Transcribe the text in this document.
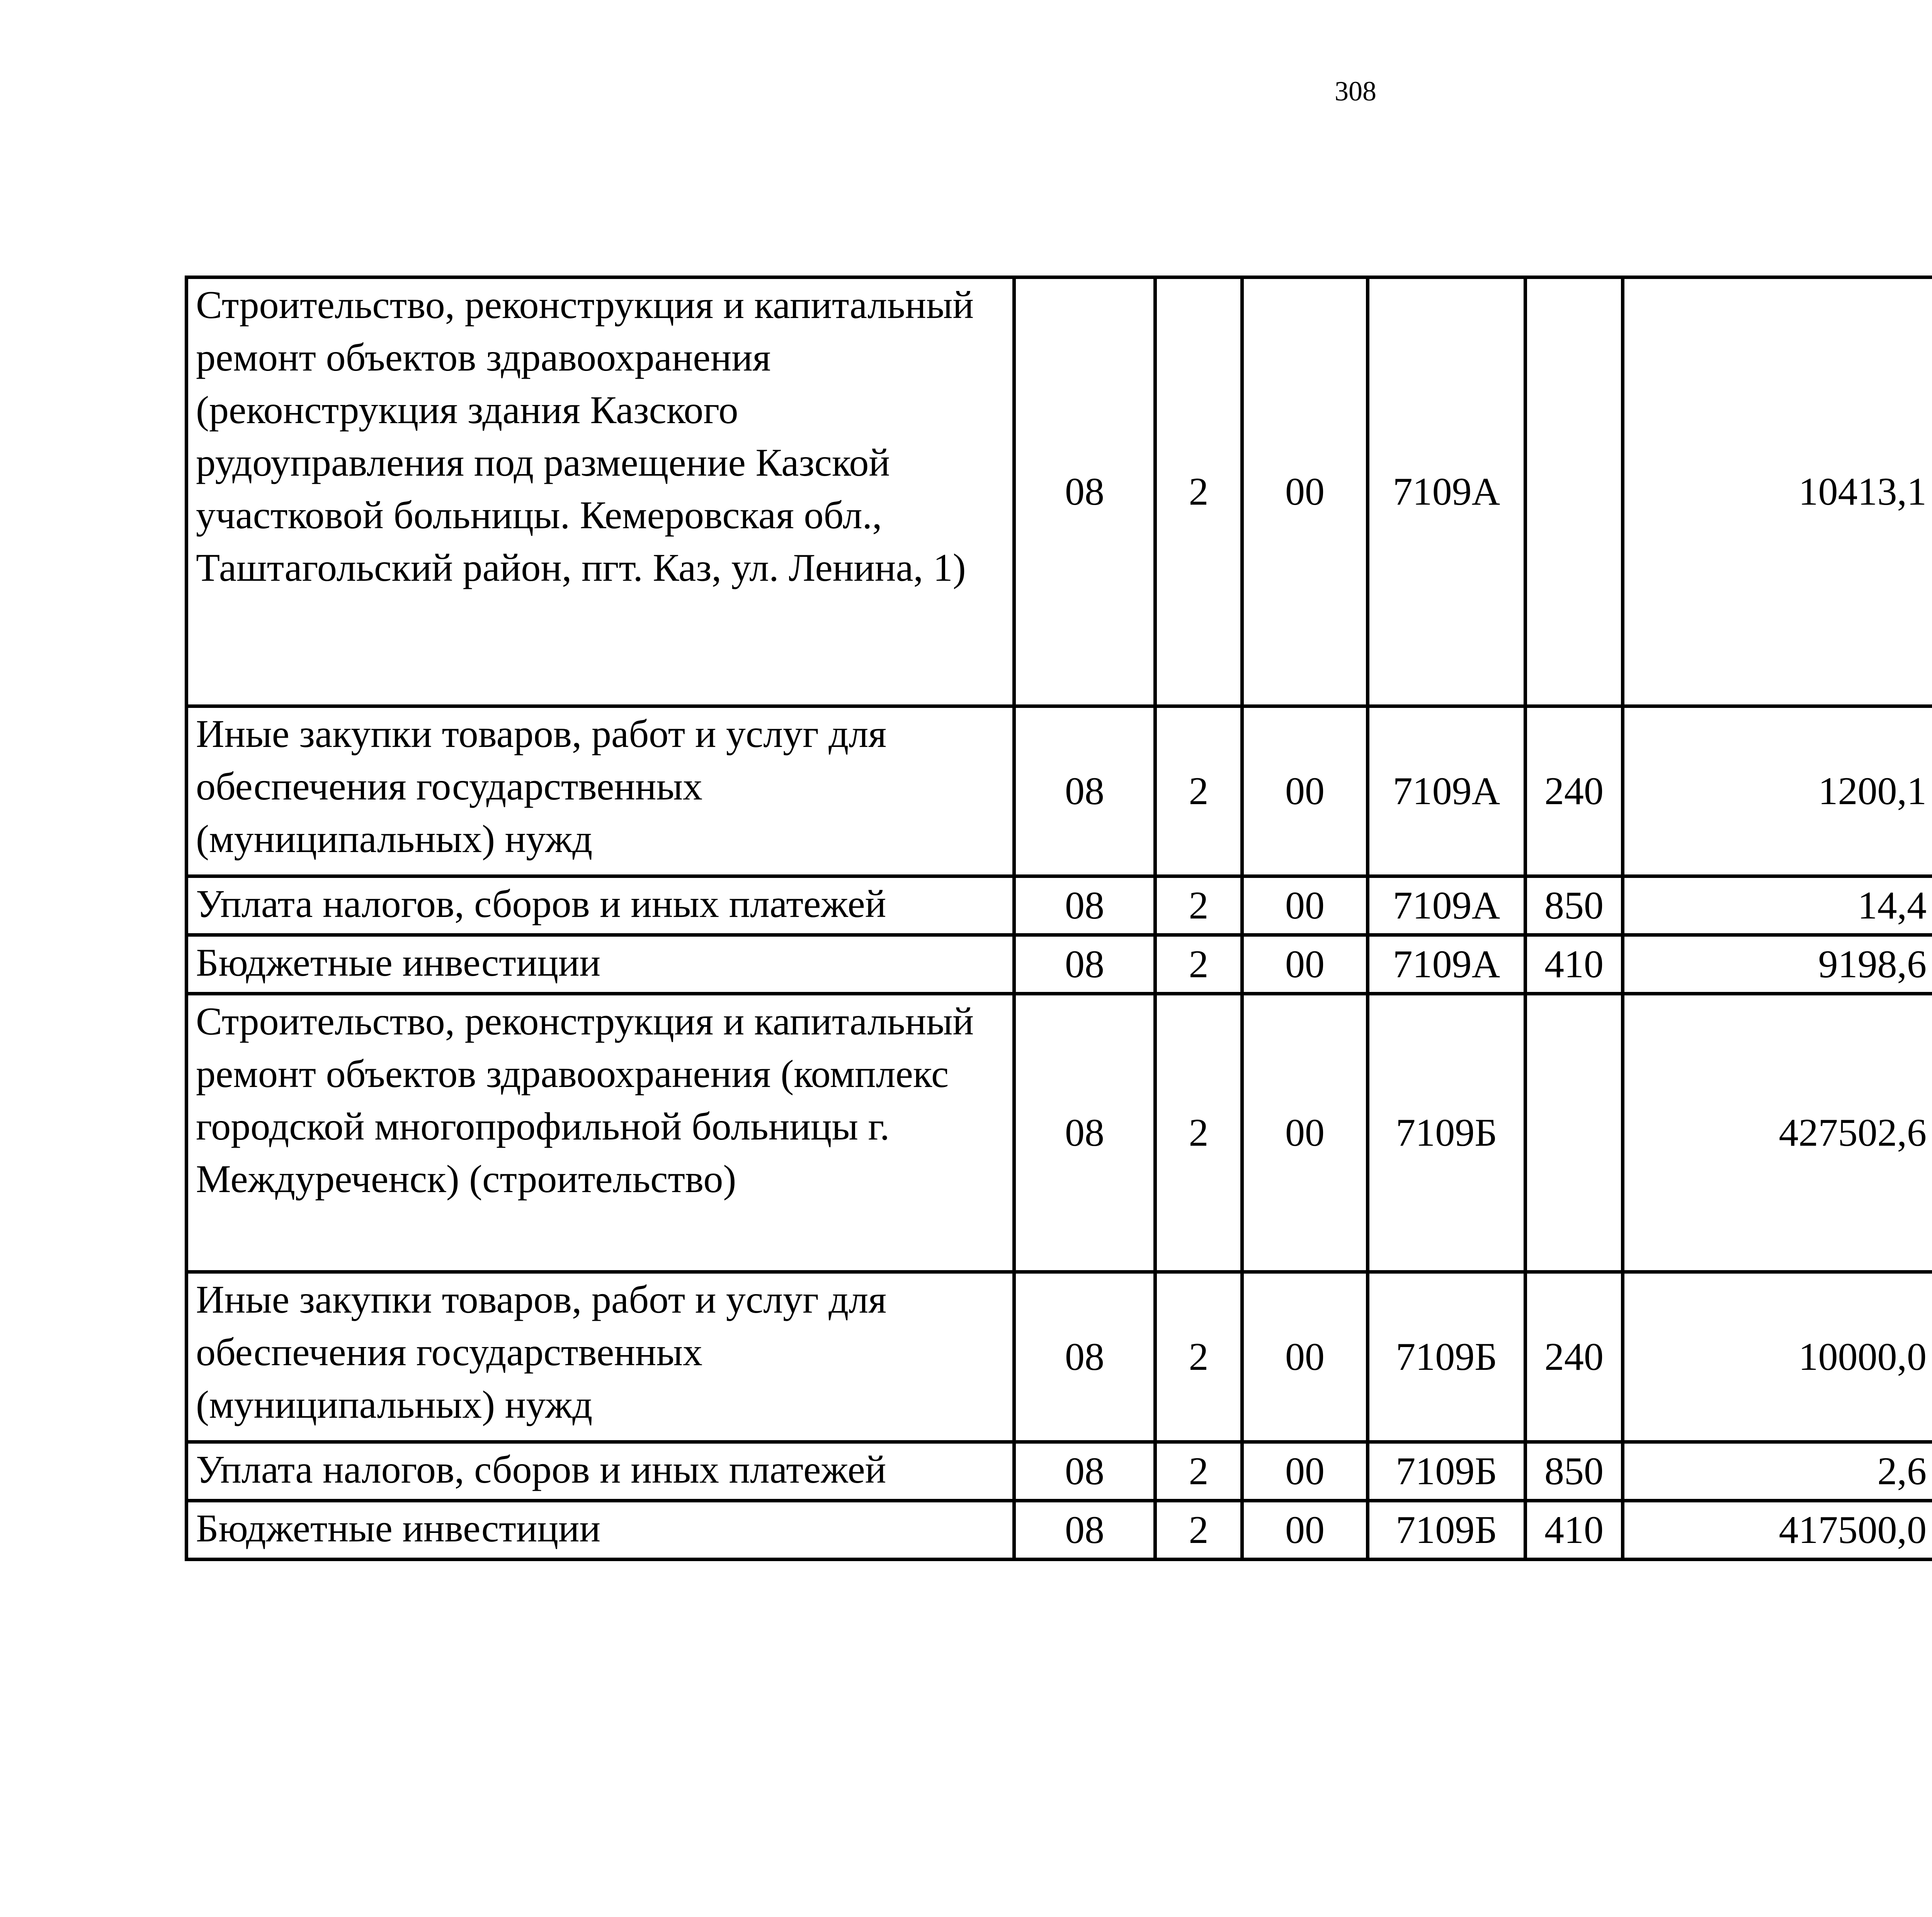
308
Строительство, реконструкция и капитальный ремонт объектов здравоохранения (реконструкция здания Казского рудоуправления под размещение Казской участковой больницы. Кемеровская обл., Таштагольский район, пгт. Каз, ул. Ленина, 1)	08	2	00	7109А		10413,1		
Иные закупки товаров, работ и услуг для обеспечения государственных (муниципальных) нужд	08	2	00	7109А	240	1200,1		
Уплата налогов, сборов и иных платежей	08	2	00	7109А	850	14,4		
Бюджетные инвестиции	08	2	00	7109А	410	9198,6		
Строительство, реконструкция и капитальный ремонт объектов здравоохранения (комплекс городской многопрофильной больницы г. Междуреченск) (строительство)	08	2	00	7109Б		427502,6		
Иные закупки товаров, работ и услуг для обеспечения государственных (муниципальных) нужд	08	2	00	7109Б	240	10000,0		
Уплата налогов, сборов и иных платежей	08	2	00	7109Б	850	2,6		
Бюджетные инвестиции	08	2	00	7109Б	410	417500,0		
